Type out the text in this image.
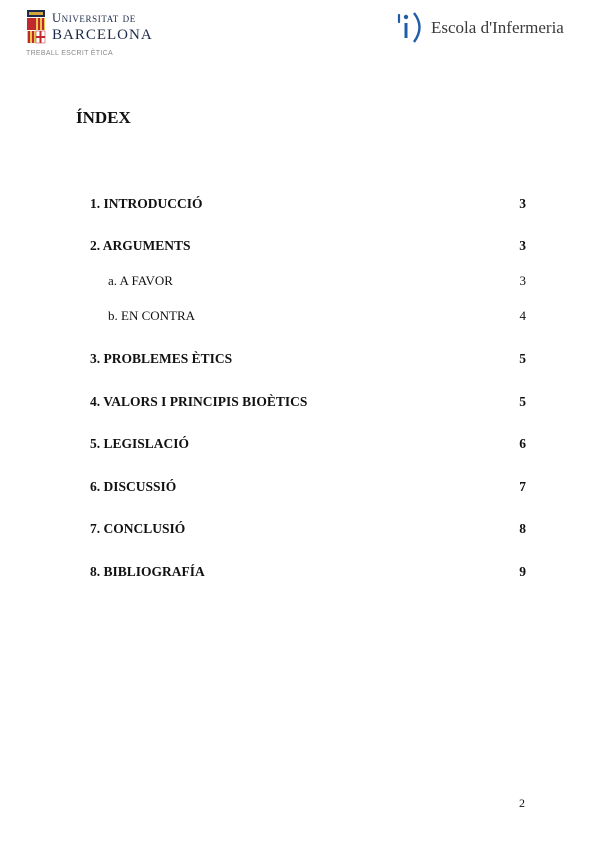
Universitat de
BARCELONA
TREBALL ESCRIT ÈTICA
Escola d'Infermeria
ÍNDEX
1. INTRODUCCIÓ	3
2. ARGUMENTS	3
a. A FAVOR	3
b. EN CONTRA	4
3. PROBLEMES ÈTICS	5
4. VALORS I PRINCIPIS BIOÈTICS	5
5. LEGISLACIÓ	6
6. DISCUSSIÓ	7
7. CONCLUSIÓ	8
8. BIBLIOGRAFÍA	9
2
